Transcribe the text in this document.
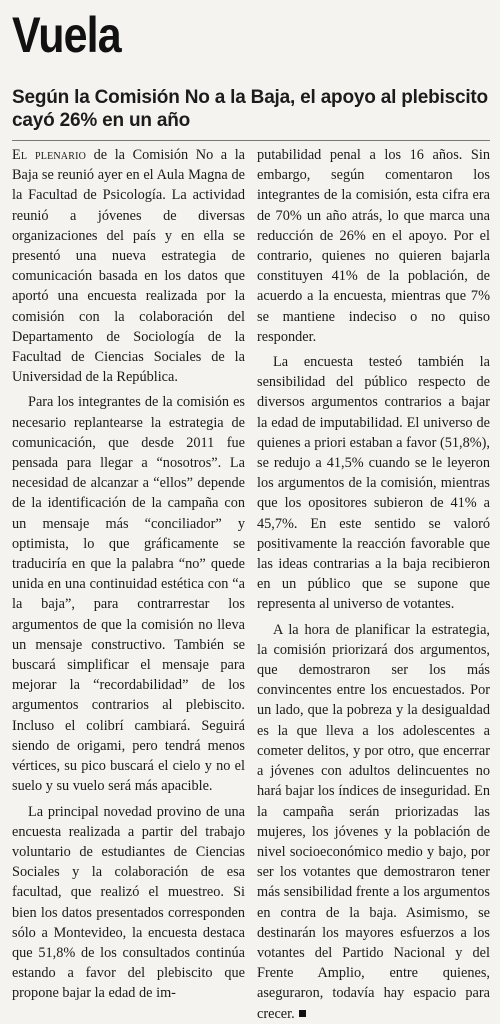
Vuela
Según la Comisión No a la Baja, el apoyo al plebiscito cayó 26% en un año

El plenario de la Comisión No a la Baja se reunió ayer en el Aula Magna de la Facultad de Psicología. La actividad reunió a jóvenes de diversas organizaciones del país y en ella se presentó una nueva estrategia de comunicación basada en los datos que aportó una encuesta realizada por la comisión con la colaboración del Departamento de Sociología de la Facultad de Ciencias Sociales de la Universidad de la República.

Para los integrantes de la comisión es necesario replantearse la estrategia de comunicación, que desde 2011 fue pensada para llegar a “nosotros”. La necesidad de alcanzar a “ellos” depende de la identificación de la campaña con un mensaje más “conciliador” y optimista, lo que gráficamente se traduciría en que la palabra “no” quede unida en una continuidad estética con “a la baja”, para contrarrestar los argumentos de que la comisión no lleva un mensaje constructivo. También se buscará simplificar el mensaje para mejorar la “recordabilidad” de los argumentos contrarios al plebiscito. Incluso el colibrí cambiará. Seguirá siendo de origami, pero tendrá menos vértices, su pico buscará el cielo y no el suelo y su vuelo será más apacible.

La principal novedad provino de una encuesta realizada a partir del trabajo voluntario de estudiantes de Ciencias Sociales y la colaboración de esa facultad, que realizó el muestreo. Si bien los datos presentados corresponden sólo a Montevideo, la encuesta destaca que 51,8% de los consultados continúa estando a favor del plebiscito que propone bajar la edad de im-

putabilidad penal a los 16 años. Sin embargo, según comentaron los integrantes de la comisión, esta cifra era de 70% un año atrás, lo que marca una reducción de 26% en el apoyo. Por el contrario, quienes no quieren bajarla constituyen 41% de la población, de acuerdo a la encuesta, mientras que 7% se mantiene indeciso o no quiso responder.

La encuesta testeó también la sensibilidad del público respecto de diversos argumentos contrarios a bajar la edad de imputabilidad. El universo de quienes a priori estaban a favor (51,8%), se redujo a 41,5% cuando se le leyeron los argumentos de la comisión, mientras que los opositores subieron de 41% a 45,7%. En este sentido se valoró positivamente la reacción favorable que las ideas contrarias a la baja recibieron en un público que se supone que representa al universo de votantes.

A la hora de planificar la estrategia, la comisión priorizará dos argumentos, que demostraron ser los más convincentes entre los encuestados. Por un lado, que la pobreza y la desigualdad es la que lleva a los adolescentes a cometer delitos, y por otro, que encerrar a jóvenes con adultos delincuentes no hará bajar los índices de inseguridad. En la campaña serán priorizadas las mujeres, los jóvenes y la población de nivel socioeconómico medio y bajo, por ser los votantes que demostraron tener más sensibilidad frente a los argumentos en contra de la baja. Asimismo, se destinarán los mayores esfuerzos a los votantes del Partido Nacional y del Frente Amplio, entre quienes, aseguraron, todavía hay espacio para crecer.
